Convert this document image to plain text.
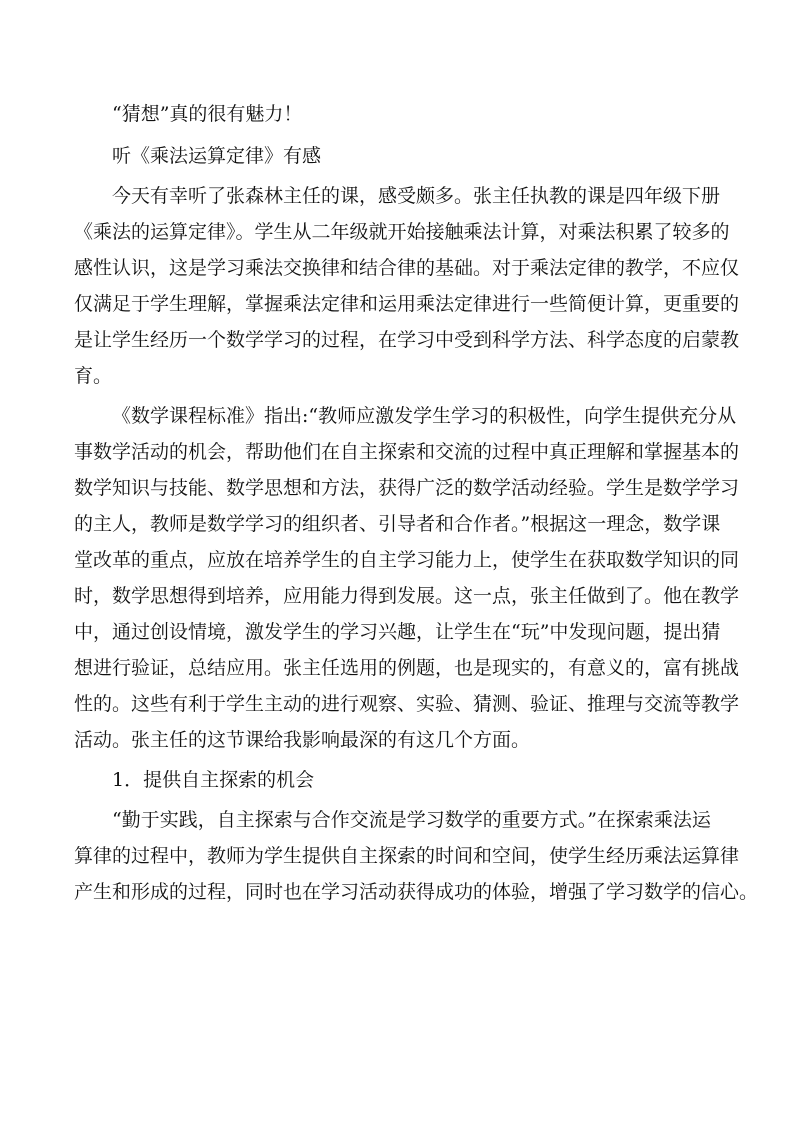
“猜想”真的很有魅力！

听《乘法运算定律》有感

今天有幸听了张森林主任的课，感受颇多。张主任执教的课是四年级下册

《乘法的运算定律》。学生从二年级就开始接触乘法计算，对乘法积累了较多的

感性认识，这是学习乘法交换律和结合律的基础。对于乘法定律的教学，不应仅

仅满足于学生理解，掌握乘法定律和运用乘法定律进行一些简便计算，更重要的

是让学生经历一个数学学习的过程，在学习中受到科学方法、科学态度的启蒙教

育。

《数学课程标准》指出:“教师应激发学生学习的积极性，向学生提供充分从

事数学活动的机会，帮助他们在自主探索和交流的过程中真正理解和掌握基本的

数学知识与技能、数学思想和方法，获得广泛的数学活动经验。学生是数学学习

的主人，教师是数学学习的组织者、引导者和合作者。”根据这一理念，数学课

堂改革的重点，应放在培养学生的自主学习能力上，使学生在获取数学知识的同

时，数学思想得到培养，应用能力得到发展。这一点，张主任做到了。他在教学

中，通过创设情境，激发学生的学习兴趣，让学生在“玩”中发现问题，提出猜

想进行验证，总结应用。张主任选用的例题，也是现实的，有意义的，富有挑战

性的。这些有利于学生主动的进行观察、实验、猜测、验证、推理与交流等教学

活动。张主任的这节课给我影响最深的有这几个方面。

1．提供自主探索的机会

“勤于实践，自主探索与合作交流是学习数学的重要方式。”在探索乘法运

算律的过程中，教师为学生提供自主探索的时间和空间，使学生经历乘法运算律

产生和形成的过程，同时也在学习活动获得成功的体验，增强了学习数学的信心。
